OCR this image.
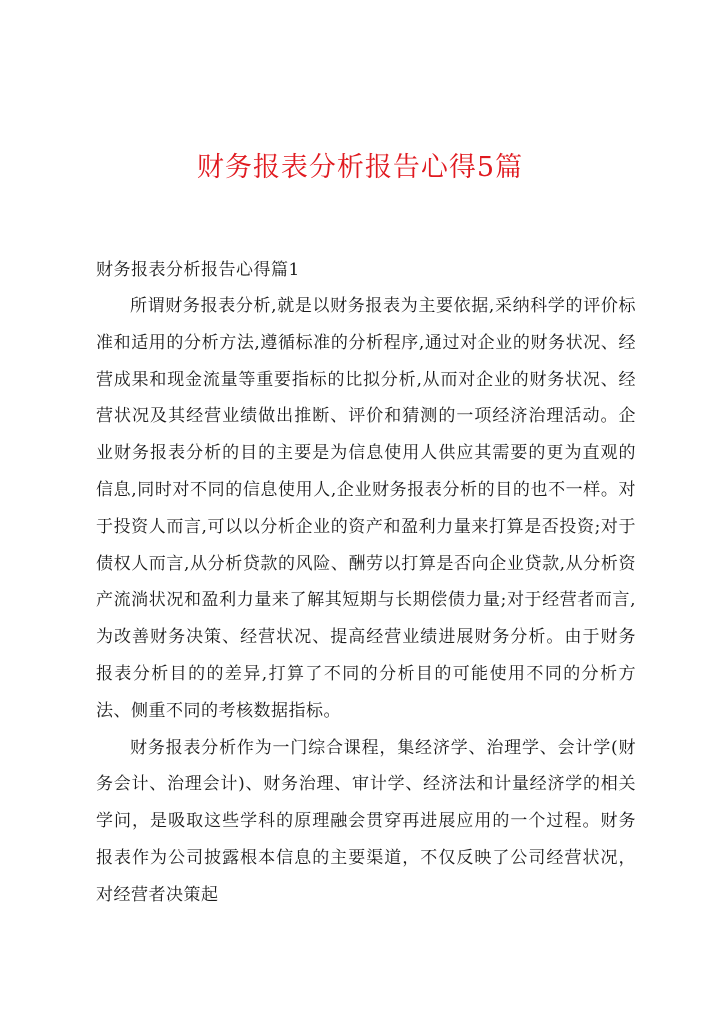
财务报表分析报告心得5篇

财务报表分析报告心得篇1

所谓财务报表分析,就是以财务报表为主要依据,采纳科学的评价标准和适用的分析方法,遵循标准的分析程序,通过对企业的财务状况、经营成果和现金流量等重要指标的比拟分析,从而对企业的财务状况、经营状况及其经营业绩做出推断、评价和猜测的一项经济治理活动。企业财务报表分析的目的主要是为信息使用人供应其需要的更为直观的信息,同时对不同的信息使用人,企业财务报表分析的目的也不一样。对于投资人而言,可以以分析企业的资产和盈利力量来打算是否投资;对于债权人而言,从分析贷款的风险、酬劳以打算是否向企业贷款,从分析资产流淌状况和盈利力量来了解其短期与长期偿债力量;对于经营者而言,为改善财务决策、经营状况、提高经营业绩进展财务分析。由于财务报表分析目的的差异,打算了不同的分析目的可能使用不同的分析方法、侧重不同的考核数据指标。

财务报表分析作为一门综合课程，集经济学、治理学、会计学(财务会计、治理会计)、财务治理、审计学、经济法和计量经济学的相关学问，是吸取这些学科的原理融会贯穿再进展应用的一个过程。财务报表作为公司披露根本信息的主要渠道，不仅反映了公司经营状况，对经营者决策起
